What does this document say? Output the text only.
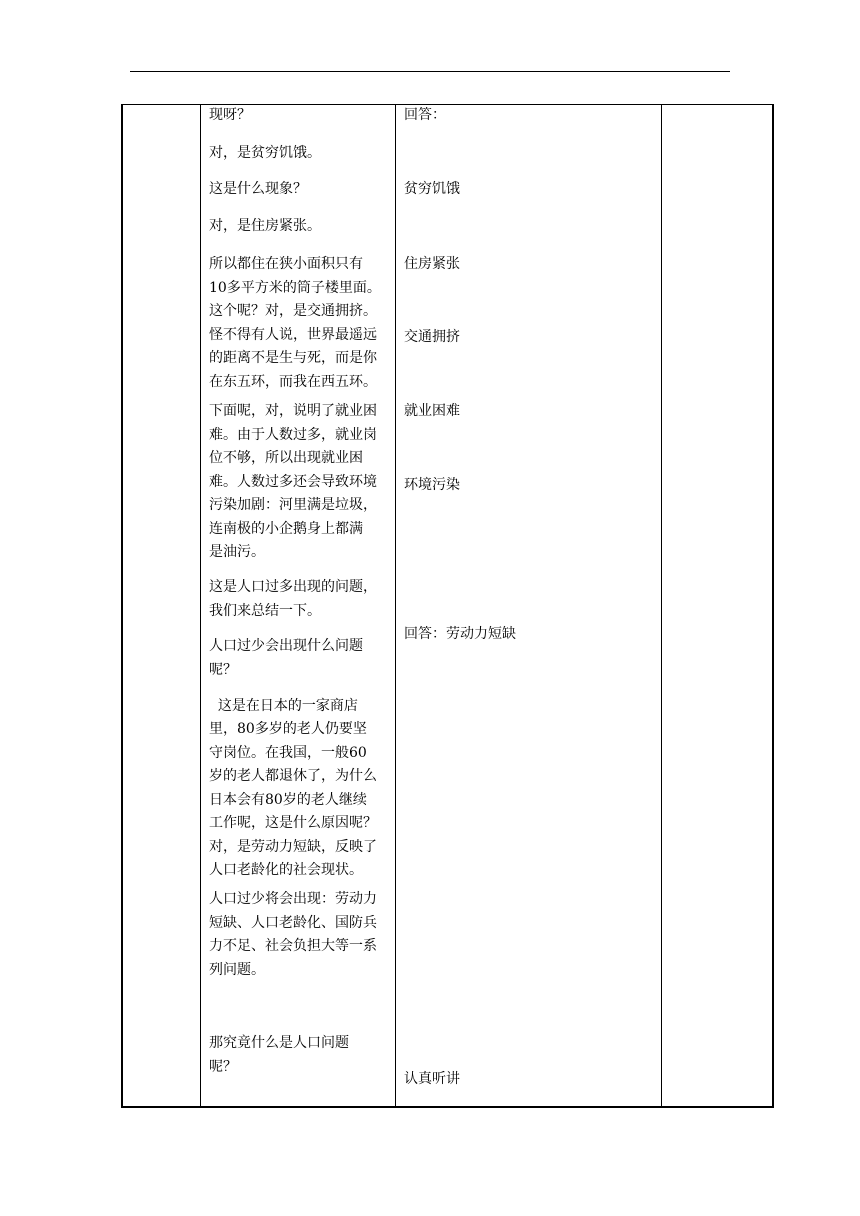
现呀？

对，是贫穷饥饿。

这是什么现象？

对，是住房紧张。

所以都住在狭小面积只有

10多平方米的筒子楼里面。

这个呢？对，是交通拥挤。

怪不得有人说，世界最遥远

的距离不是生与死，而是你

在东五环，而我在西五环。

下面呢，对，说明了就业困

难。由于人数过多，就业岗

位不够，所以出现就业困

难。人数过多还会导致环境

污染加剧：河里满是垃圾，

连南极的小企鹅身上都满

是油污。

这是人口过多出现的问题，

我们来总结一下。

人口过少会出现什么问题

呢？

这是在日本的一家商店

里，80多岁的老人仍要坚

守岗位。在我国，一般60

岁的老人都退休了，为什么

日本会有80岁的老人继续

工作呢，这是什么原因呢？

对，是劳动力短缺，反映了

人口老龄化的社会现状。

人口过少将会出现：劳动力

短缺、人口老龄化、国防兵

力不足、社会负担大等一系

列问题。

那究竟什么是人口问题

呢？

回答：

贫穷饥饿

住房紧张

交通拥挤

就业困难

环境污染

回答：劳动力短缺

认真听讲
